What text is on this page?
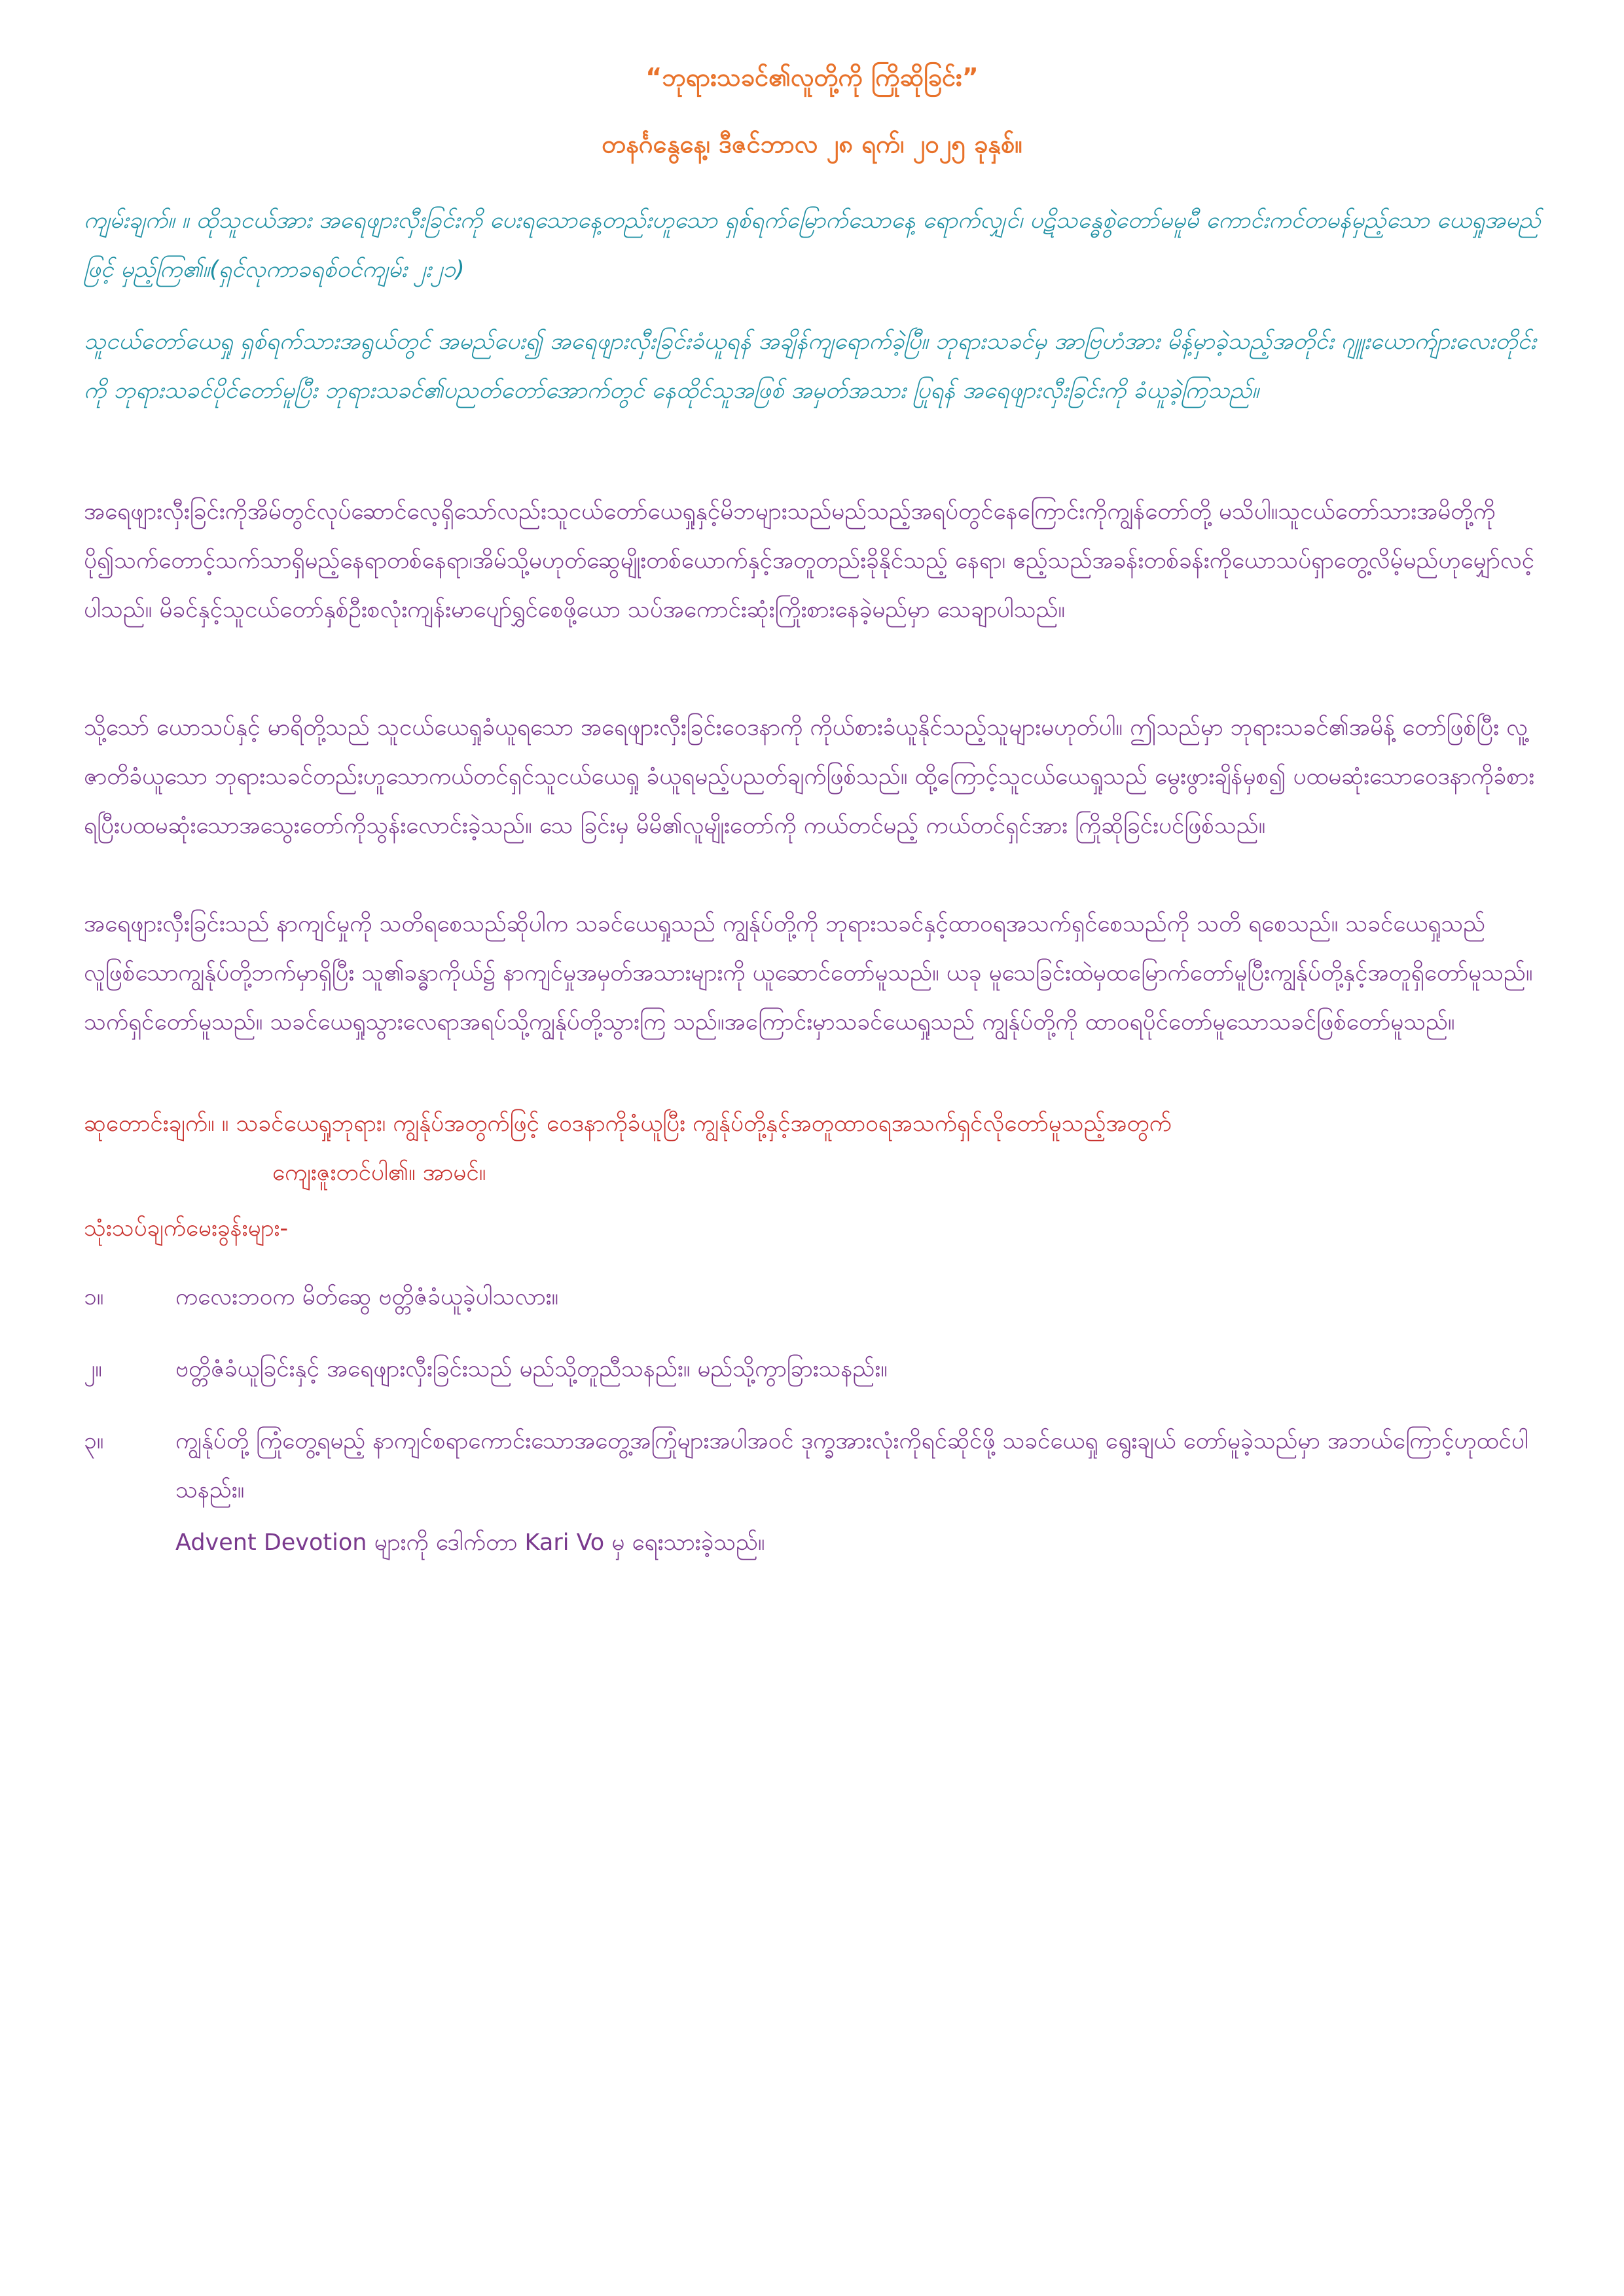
“ဘုရားသခင်၏လူတို့ကို ကြိုဆိုခြင်း”
တနင်္ဂနွေနေ့၊ ဒီဇင်ဘာလ ၂၈ ရက်၊ ၂၀၂၅ ခုနှစ်။
ကျမ်းချက်။ ။ ထိုသူငယ်အား အရေဖျားလှီးခြင်းကို ပေးရသောနေ့တည်းဟူသော ရှစ်ရက်မြောက်သောနေ့ ရောက်လျှင်၊ ပဋိသန္ဓေစွဲတော်မမူမီ ကောင်းကင်တမန်မှည့်သော ယေရှုအမည်ဖြင့် မှည့်ကြ၏။(ရှင်လုကာခရစ်ဝင်ကျမ်း ၂း၂၁)
သူငယ်တော်ယေရှု ရှစ်ရက်သားအရွယ်တွင် အမည်ပေး၍ အရေဖျားလှီးခြင်းခံယူရန် အချိန်ကျရောက်ခဲ့ပြီ။ ဘုရားသခင်မှ အာဗြဟံအား မိန့်မှာခဲ့သည့်အတိုင်း ဂျူးယောက်ျားလေးတိုင်းကို ဘုရားသခင်ပိုင်တော်မူပြီး ဘုရားသခင်၏ပညတ်တော်အောက်တွင် နေထိုင်သူအဖြစ် အမှတ်အသား ပြုရန် အရေဖျားလှီးခြင်းကို ခံယူခဲ့ကြသည်။
အရေဖျားလှီးခြင်းကိုအိမ်တွင်လုပ်ဆောင်လေ့ရှိသော်လည်းသူငယ်တော်ယေရှုနှင့်မိဘများသည်မည်သည့်အရပ်တွင်နေကြောင်းကိုကျွန်တော်တို့ မသိပါ။သူငယ်တော်သားအမိတို့ကိုပို၍သက်တောင့်သက်သာရှိမည့်နေရာတစ်နေရာ၊အိမ်သို့မဟုတ်ဆွေမျိုးတစ်ယောက်နှင့်အတူတည်းခိုနိုင်သည့် နေရာ၊ ဧည့်သည်အခန်းတစ်ခန်းကိုယောသပ်ရှာတွေ့လိမ့်မည်ဟုမျှော်လင့်ပါသည်။ မိခင်နှင့်သူငယ်တော်နှစ်ဦးစလုံးကျန်းမာပျော်ရွှင်စေဖို့ယော သပ်အကောင်းဆုံးကြိုးစားနေခဲ့မည်မှာ သေချာပါသည်။
သို့သော် ယောသပ်နှင့် မာရိတို့သည် သူငယ်ယေရှုခံယူရသော အရေဖျားလှီးခြင်းဝေဒနာကို ကိုယ်စားခံယူနိုင်သည့်သူများမဟုတ်ပါ။ ဤသည်မှာ ဘုရားသခင်၏အမိန့် တော်ဖြစ်ပြီး လူ့ဇာတိခံယူသော ဘုရားသခင်တည်းဟူသောကယ်တင်ရှင်သူငယ်ယေရှု ခံယူရမည့်ပညတ်ချက်ဖြစ်သည်။ ထို့ကြောင့်သူငယ်ယေရှုသည် မွေးဖွားချိန်မှစ၍ ပထမဆုံးသောဝေဒနာကိုခံစားရပြီးပထမဆုံးသောအသွေးတော်ကိုသွန်းလောင်းခဲ့သည်။ သေ ခြင်းမှ မိမိ၏လူမျိုးတော်ကို ကယ်တင်မည့် ကယ်တင်ရှင်အား ကြိုဆိုခြင်းပင်ဖြစ်သည်။
အရေဖျားလှီးခြင်းသည် နာကျင်မှုကို သတိရစေသည်ဆိုပါက သခင်ယေရှုသည် ကျွန်ုပ်တို့ကို ဘုရားသခင်နှင့်ထာဝရအသက်ရှင်စေသည်ကို သတိ ရစေသည်။ သခင်ယေရှုသည် လူဖြစ်သောကျွန်ုပ်တို့ဘက်မှာရှိပြီး သူ၏ခန္ဓာကိုယ်၌ နာကျင်မှုအမှတ်အသားများကို ယူဆောင်တော်မူသည်။ ယခု မူသေခြင်းထဲမှထမြောက်တော်မူပြီးကျွန်ုပ်တို့နှင့်အတူရှိတော်မူသည်။ သက်ရှင်တော်မူသည်။ သခင်ယေရှုသွားလေရာအရပ်သို့ကျွန်ုပ်တို့သွားကြ သည်။အကြောင်းမှာသခင်ယေရှုသည် ကျွန်ုပ်တို့ကို ထာဝရပိုင်တော်မူသောသခင်ဖြစ်တော်မူသည်။
ဆုတောင်းချက်။ ။ သခင်ယေရှုဘုရား၊ ကျွန်ုပ်အတွက်ဖြင့် ဝေဒနာကိုခံယူပြီး ကျွန်ုပ်တို့နှင့်အတူထာဝရအသက်ရှင်လိုတော်မူသည့်အတွက်
ကျေးဇူးတင်ပါ၏။ အာမင်။
သုံးသပ်ချက်မေးခွန်းများ-
၁။	ကလေးဘဝက မိတ်ဆွေ ဗတ္တိဇံခံယူခဲ့ပါသလား။
၂။	ဗတ္တိဇံခံယူခြင်းနှင့် အရေဖျားလှီးခြင်းသည် မည်သို့တူညီသနည်း။ မည်သို့ကွာခြားသနည်း။
၃။	ကျွန်ုပ်တို့ ကြုံတွေ့ရမည့် နာကျင်စရာကောင်းသောအတွေ့အကြုံများအပါအဝင် ဒုက္ခအားလုံးကိုရင်ဆိုင်ဖို့ သခင်ယေရှု ရွေးချယ် တော်မူခဲ့သည်မှာ အဘယ်ကြောင့်ဟုထင်ပါသနည်း။
Advent Devotion များကို ဒေါက်တာ Kari Vo မှ ရေးသားခဲ့သည်။
